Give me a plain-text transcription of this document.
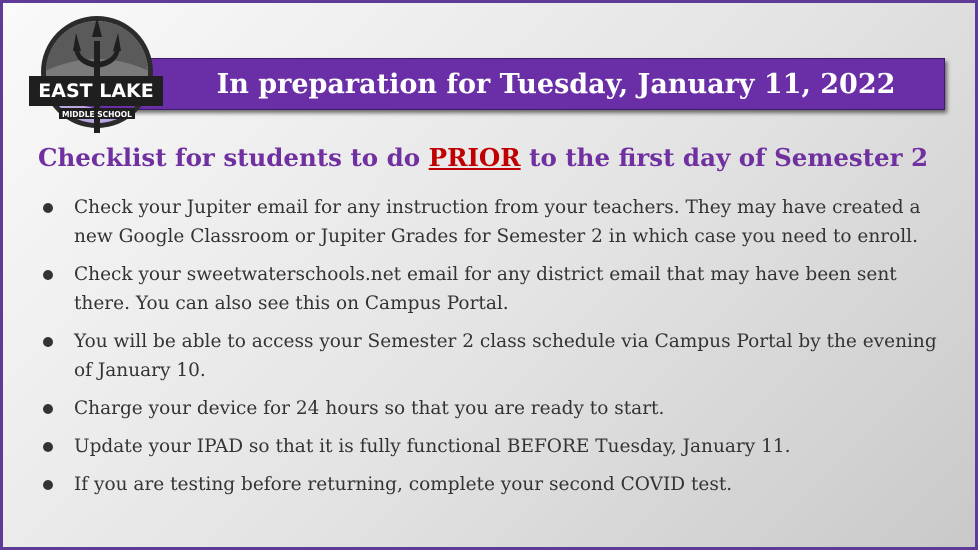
In preparation for Tuesday, January 11, 2022
EAST LAKE
MIDDLE SCHOOL
Checklist for students to do PRIOR to the first day of Semester 2
Check your Jupiter email for any instruction from your teachers. They may have created a new Google Classroom or Jupiter Grades for Semester 2 in which case you need to enroll.
Check your sweetwaterschools.net email for any district email that may have been sent there. You can also see this on Campus Portal.
You will be able to access your Semester 2 class schedule via Campus Portal by the evening of January 10.
Charge your device for 24 hours so that you are ready to start.
Update your IPAD so that it is fully functional BEFORE Tuesday, January 11.
If you are testing before returning, complete your second COVID test.
